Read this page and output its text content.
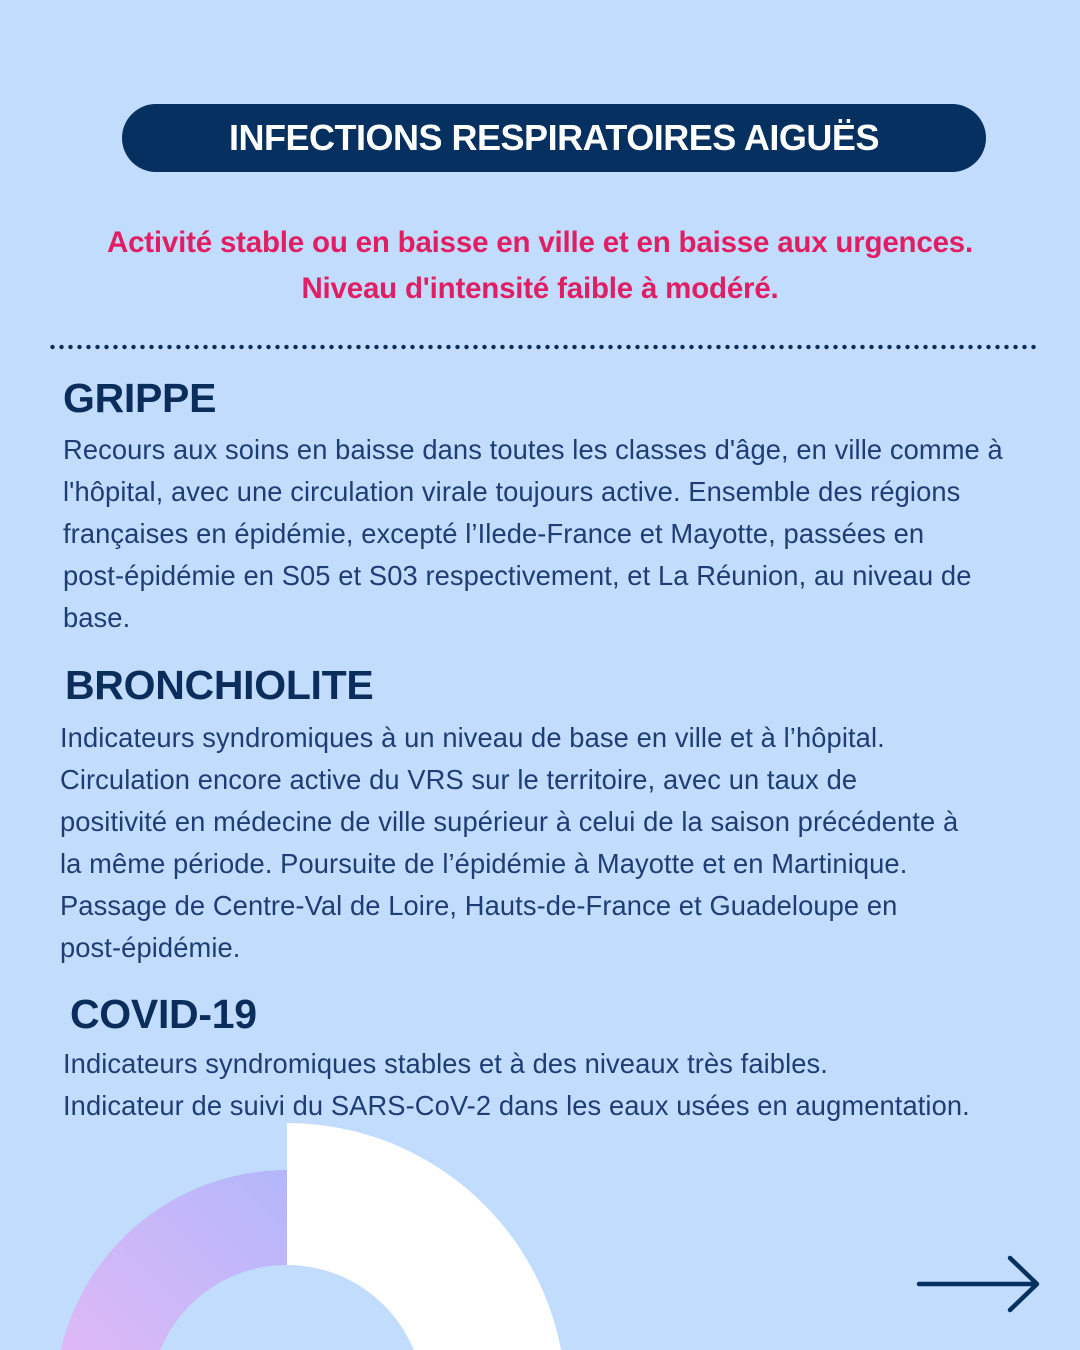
INFECTIONS RESPIRATOIRES AIGUËS
Activité stable ou en baisse en ville et en baisse aux urgences.
Niveau d'intensité faible à modéré.
GRIPPE

Recours aux soins en baisse dans toutes les classes d'âge, en ville comme à

l'hôpital, avec une circulation virale toujours active. Ensemble des régions

françaises en épidémie, excepté l’Ilede-France et Mayotte, passées en

post-épidémie en S05 et S03 respectivement, et La Réunion, au niveau de

base.

BRONCHIOLITE

Indicateurs syndromiques à un niveau de base en ville et à l’hôpital.

Circulation encore active du VRS sur le territoire, avec un taux de

positivité en médecine de ville supérieur à celui de la saison précédente à

la même période. Poursuite de l’épidémie à Mayotte et en Martinique.

Passage de Centre-Val de Loire, Hauts-de-France et Guadeloupe en

post-épidémie.

COVID-19

Indicateurs syndromiques stables et à des niveaux très faibles.

Indicateur de suivi du SARS-CoV-2 dans les eaux usées en augmentation.
